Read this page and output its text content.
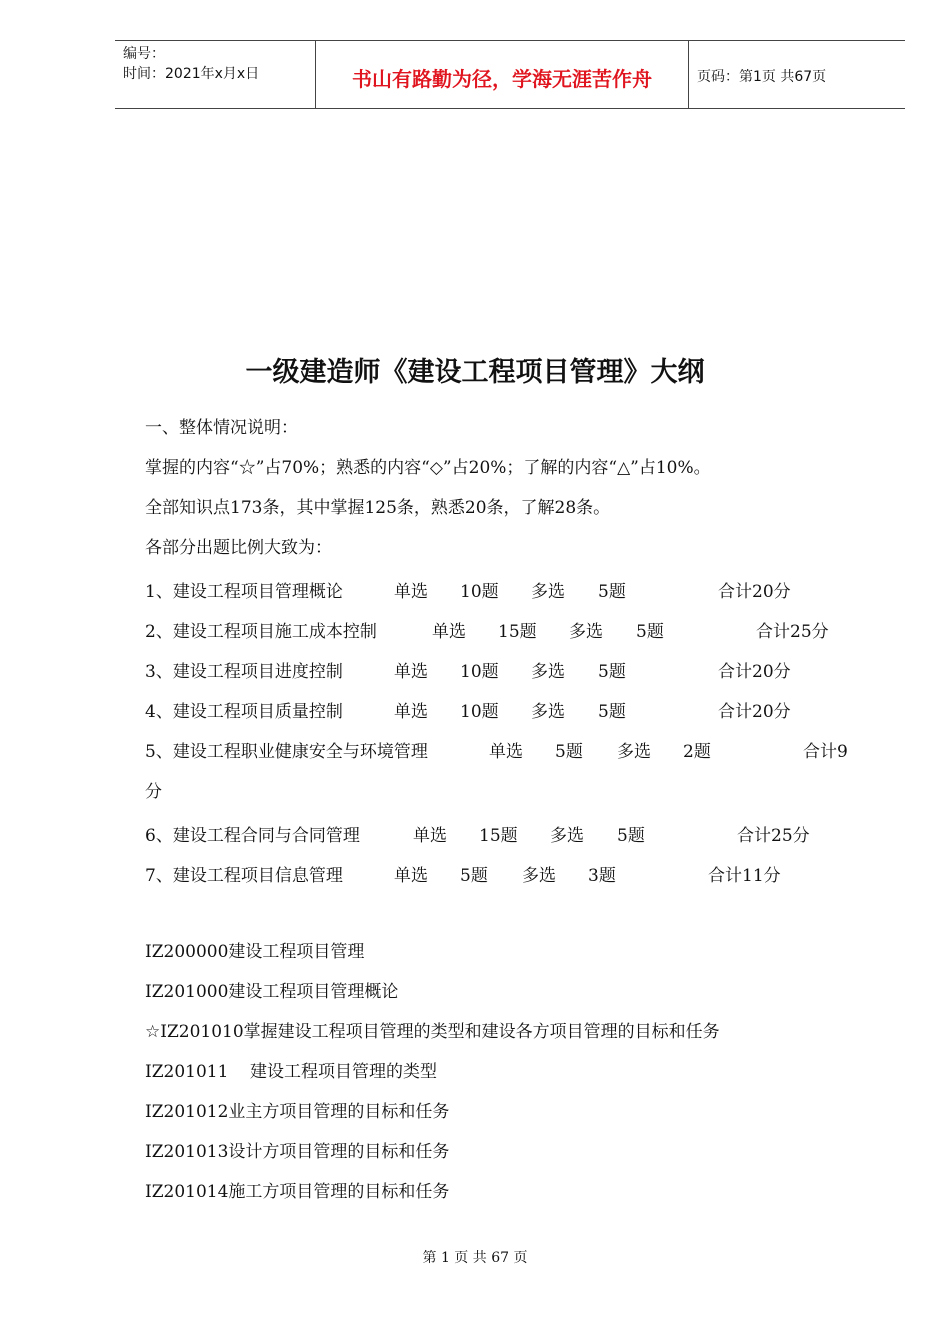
编号：
时间：2021年x月x日	书山有路勤为径，学海无涯苦作舟	页码：第1页 共67页
一级建造师《建设工程项目管理》大纲
一、整体情况说明：
掌握的内容“☆”占70%；熟悉的内容“◇”占20%；了解的内容“△”占10%。
全部知识点173条，其中掌握125条，熟悉20条，了解28条。
各部分出题比例大致为：
1、建设工程项目管理概论	单选 10题 多选 5题	合计20分
2、建设工程项目施工成本控制	单选 15题 多选 5题	合计25分
3、建设工程项目进度控制	单选 10题 多选 5题	合计20分
4、建设工程项目质量控制	单选 10题 多选 5题	合计20分
5、建设工程职业健康安全与环境管理	单选 5题 多选 2题	合计9
分
6、建设工程合同与合同管理	单选 15题 多选 5题	合计25分
7、建设工程项目信息管理	单选 5题 多选 3题	合计11分
IZ200000建设工程项目管理
IZ201000建设工程项目管理概论
☆IZ201010掌握建设工程项目管理的类型和建设各方项目管理的目标和任务
IZ201011    建设工程项目管理的类型
IZ201012业主方项目管理的目标和任务
IZ201013设计方项目管理的目标和任务
IZ201014施工方项目管理的目标和任务
第 1 页 共 67 页
